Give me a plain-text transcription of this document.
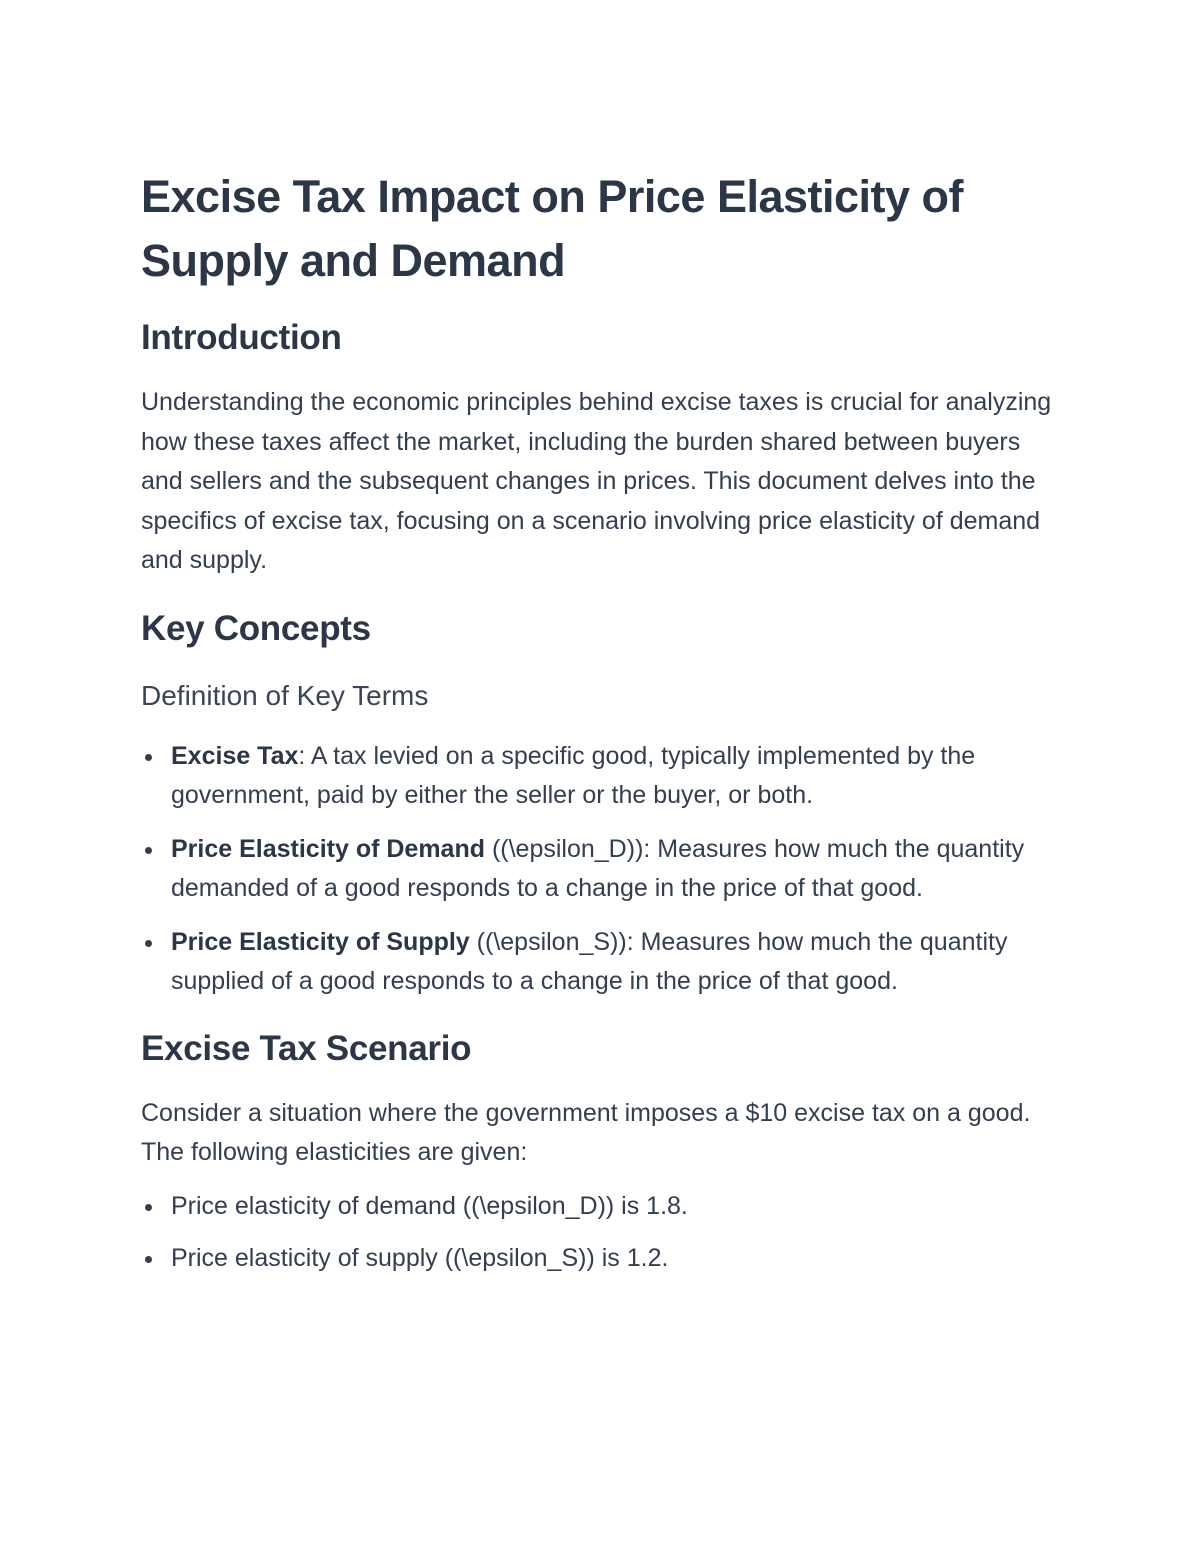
Excise Tax Impact on Price Elasticity of Supply and Demand
Introduction

Understanding the economic principles behind excise taxes is crucial for analyzing how these taxes affect the market, including the burden shared between buyers and sellers and the subsequent changes in prices. This document delves into the specifics of excise tax, focusing on a scenario involving price elasticity of demand and supply.

Key Concepts
Definition of Key Terms
Excise Tax: A tax levied on a specific good, typically implemented by the government, paid by either the seller or the buyer, or both.
Price Elasticity of Demand ((\epsilon_D)): Measures how much the quantity demanded of a good responds to a change in the price of that good.
Price Elasticity of Supply ((\epsilon_S)): Measures how much the quantity supplied of a good responds to a change in the price of that good.
Excise Tax Scenario

Consider a situation where the government imposes a $10 excise tax on a good. The following elasticities are given:

Price elasticity of demand ((\epsilon_D)) is 1.8.
Price elasticity of supply ((\epsilon_S)) is 1.2.
